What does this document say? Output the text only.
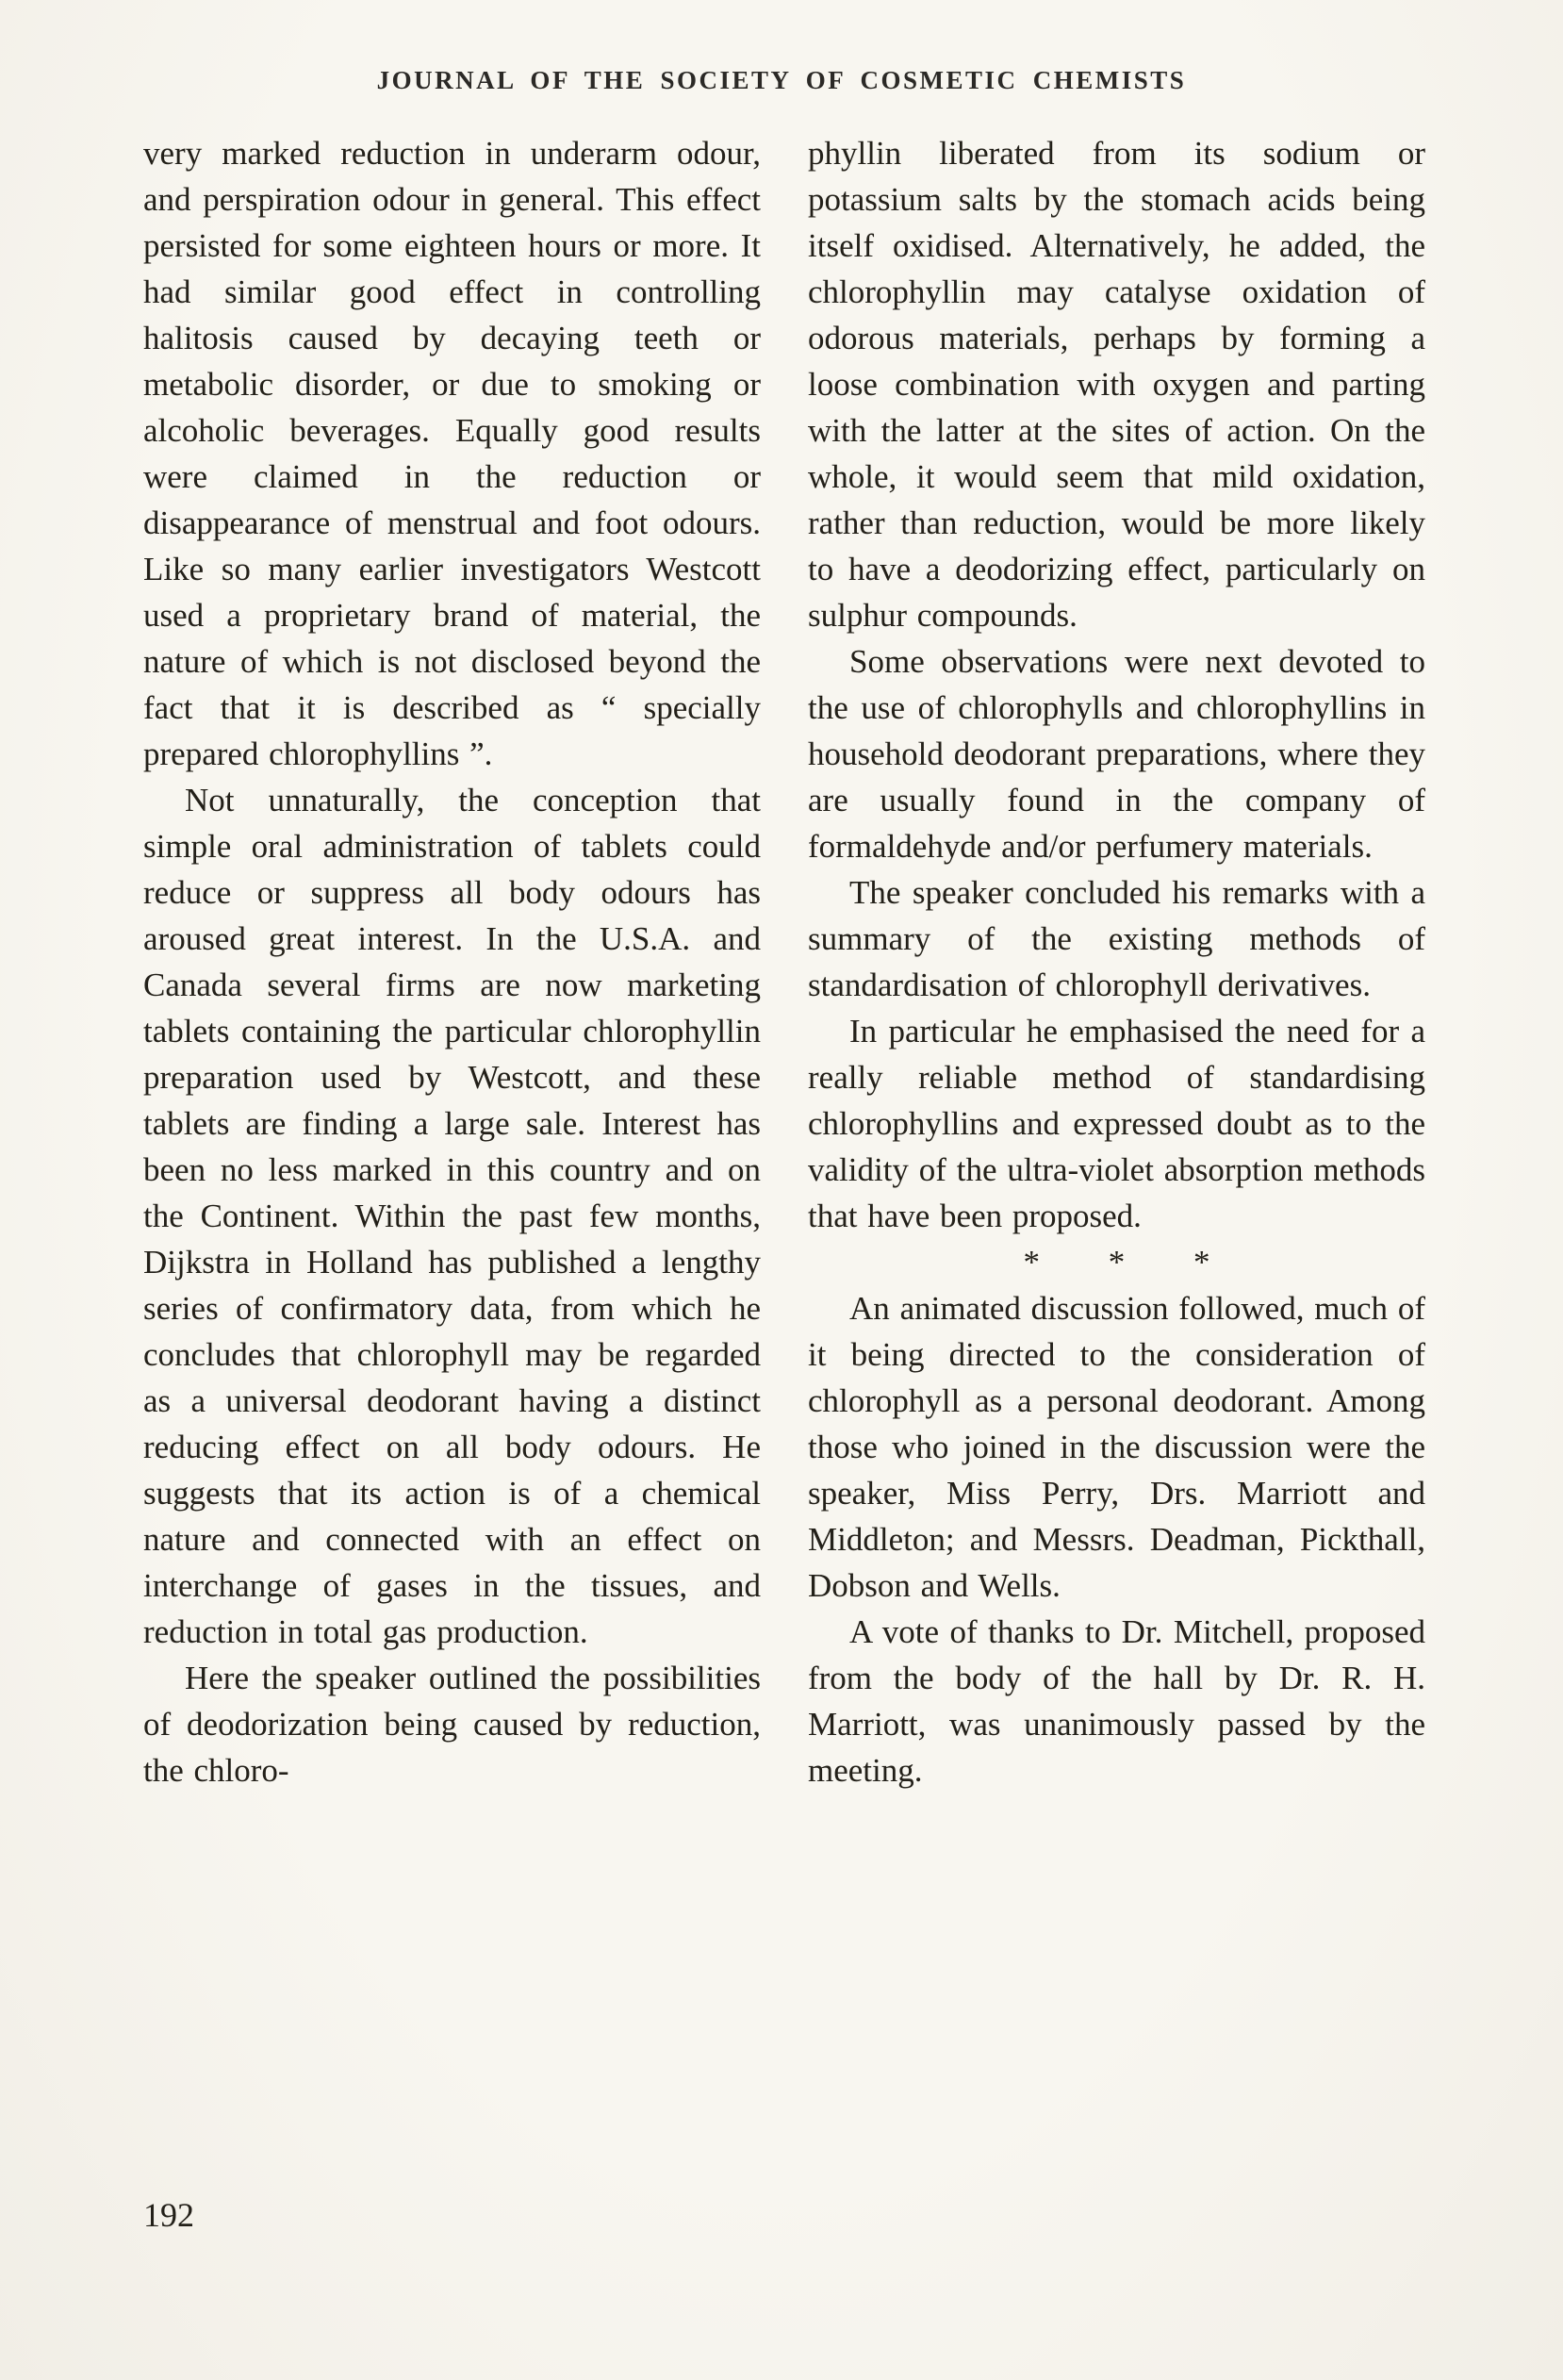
JOURNAL OF THE SOCIETY OF COSMETIC CHEMISTS

very marked reduction in underarm odour, and perspiration odour in general. This effect persisted for some eighteen hours or more. It had similar good effect in controlling halitosis caused by decaying teeth or metabolic disorder, or due to smoking or alcoholic beverages. Equally good results were claimed in the reduction or disappearance of menstrual and foot odours. Like so many earlier investigators Westcott used a proprietary brand of material, the nature of which is not disclosed beyond the fact that it is described as “ specially prepared chlorophyllins ”.

Not unnaturally, the conception that simple oral administration of tablets could reduce or suppress all body odours has aroused great interest. In the U.S.A. and Canada several firms are now marketing tablets containing the particular chlorophyllin preparation used by Westcott, and these tablets are finding a large sale. Interest has been no less marked in this country and on the Continent. Within the past few months, Dijkstra in Holland has published a lengthy series of confirmatory data, from which he concludes that chlorophyll may be regarded as a universal deodorant having a distinct reducing effect on all body odours. He suggests that its action is of a chemical nature and connected with an effect on interchange of gases in the tissues, and reduction in total gas production.

Here the speaker outlined the possibilities of deodorization being caused by reduction, the chloro-

phyllin liberated from its sodium or potassium salts by the stomach acids being itself oxidised. Alternatively, he added, the chlorophyllin may catalyse oxidation of odorous materials, perhaps by forming a loose combination with oxygen and parting with the latter at the sites of action. On the whole, it would seem that mild oxidation, rather than reduction, would be more likely to have a deodorizing effect, particularly on sulphur compounds.

Some observations were next devoted to the use of chlorophylls and chlorophyllins in household deodorant preparations, where they are usually found in the company of formaldehyde and/or perfumery materials.

The speaker concluded his remarks with a summary of the existing methods of standardisation of chlorophyll derivatives.

In particular he emphasised the need for a really reliable method of standardising chlorophyllins and expressed doubt as to the validity of the ultra-violet absorption methods that have been proposed.

* * *

An animated discussion followed, much of it being directed to the consideration of chlorophyll as a personal deodorant. Among those who joined in the discussion were the speaker, Miss Perry, Drs. Marriott and Middleton; and Messrs. Deadman, Pickthall, Dobson and Wells.

A vote of thanks to Dr. Mitchell, proposed from the body of the hall by Dr. R. H. Marriott, was unanimously passed by the meeting.

192
